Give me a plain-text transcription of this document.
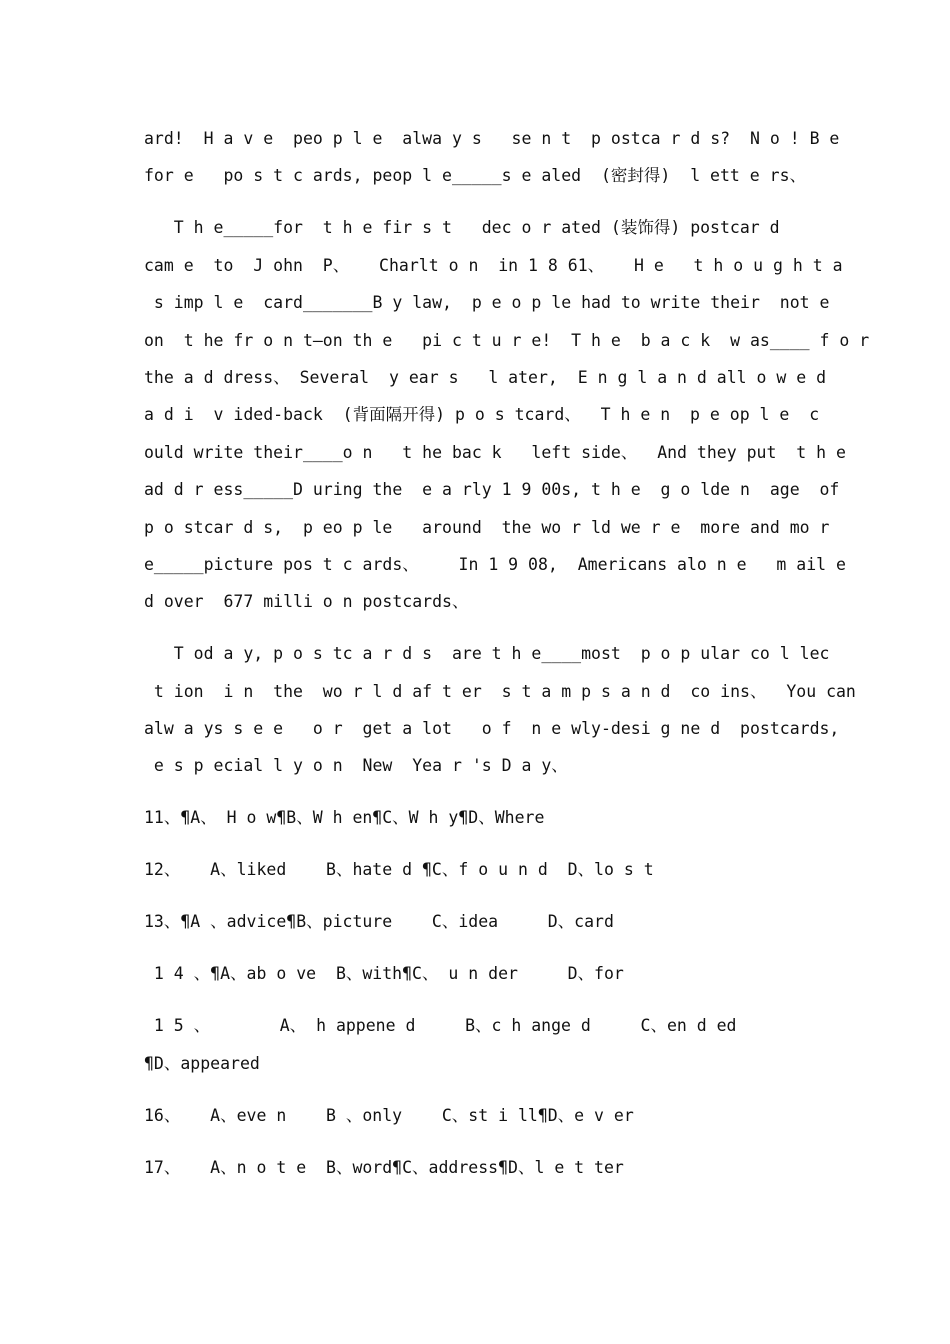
ard!  H a v e  peo p l e  alwa y s   se n t  p ostca r d s?  N o ! B e
for e   po s t c ards, peop l e_____s e aled  (密封得)  l ett e rs、
T h e_____for  t h e fir s t   dec o r ated (装饰得) postcar d
cam e  to  J ohn  P、   Charlt o n  in 1 8 61、   H e   t h o u g h t a
s imp l e  card_______B y law,  p e o p le had to write their  not e
on  t he fr o n t—on th e   pi c t u r e!  T h e  b a c k  w as____ f o r
the a d dress、 Several  y ear s   l ater,  E n g l a n d all o w e d
a d i  v ided-back  (背面隔开得) p o s tcard、  T h e n  p e op l e  c
ould write their____o n   t he bac k   left side、  And they put  t h e
ad d r ess_____D uring the  e a rly 1 9 00s, t h e  g o lde n  age  of
p o stcar d s,  p eo p le   around  the wo r ld we r e  more and mo r
e_____picture pos t c ards、    In 1 9 08,  Americans alo n e   m ail e
d over  677 milli o n postcards、
T od a y, p o s tc a r d s  are t h e____most  p o p ular co l lec
t ion  i n  the  wo r l d af t er  s t a m p s a n d  co ins、  You can
alw a ys s e e   o r  get a lot   o f  n e wly-desi g ne d  postcards,
e s p ecial l y o n  New  Yea r 's D a y、
11、¶A、 H o w¶B、W h en¶C、W h y¶D、Where
12、   A、liked    B、hate d ¶C、f o u n d  D、lo s t
13、¶A 、advice¶B、picture    C、idea     D、card
1 4 、¶A、ab o ve  B、with¶C、 u n der     D、for
1 5 、       A、 h appene d     B、c h ange d     C、en d ed
¶D、appeared
16、   A、eve n    B 、only    C、st i ll¶D、e v er
17、   A、n o t e  B、word¶C、address¶D、l e t ter
